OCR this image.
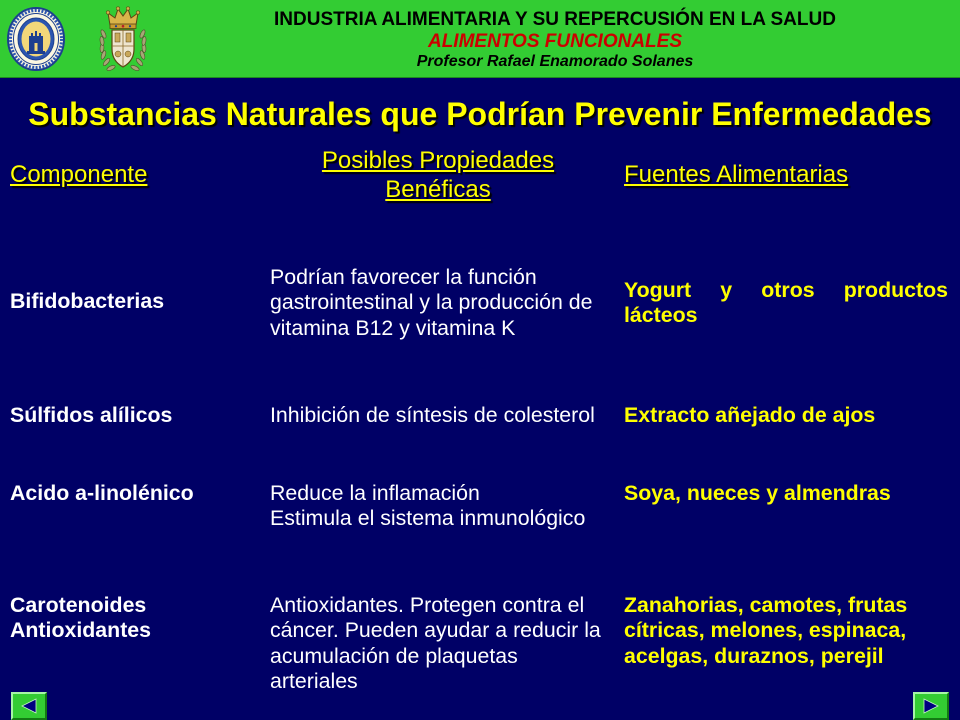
INDUSTRIA ALIMENTARIA Y SU REPERCUSIÓN EN LA SALUD
ALIMENTOS FUNCIONALES
Profesor Rafael Enamorado Solanes
Substancias Naturales que Podrían Prevenir Enfermedades
Componente
Posibles Propiedades
Benéficas
Fuentes Alimentarias
Bifidobacterias
Podrían favorecer la función
gastrointestinal y la producción de
vitamina B12 y vitamina K
Yogurt y otros productos
lácteos
Súlfidos alílicos	Inhibición de síntesis de colesterol Extracto añejado de ajos
Acido a-linolénico	Reduce la inflamación
Estimula el sistema inmunológico
Soya, nueces y almendras
Carotenoides
Antioxidantes
Antioxidantes. Protegen contra el
cáncer. Pueden ayudar a reducir la
acumulación de plaquetas
arteriales
Zanahorias, camotes, frutas
cítricas, melones, espinaca,
acelgas, duraznos, perejil
